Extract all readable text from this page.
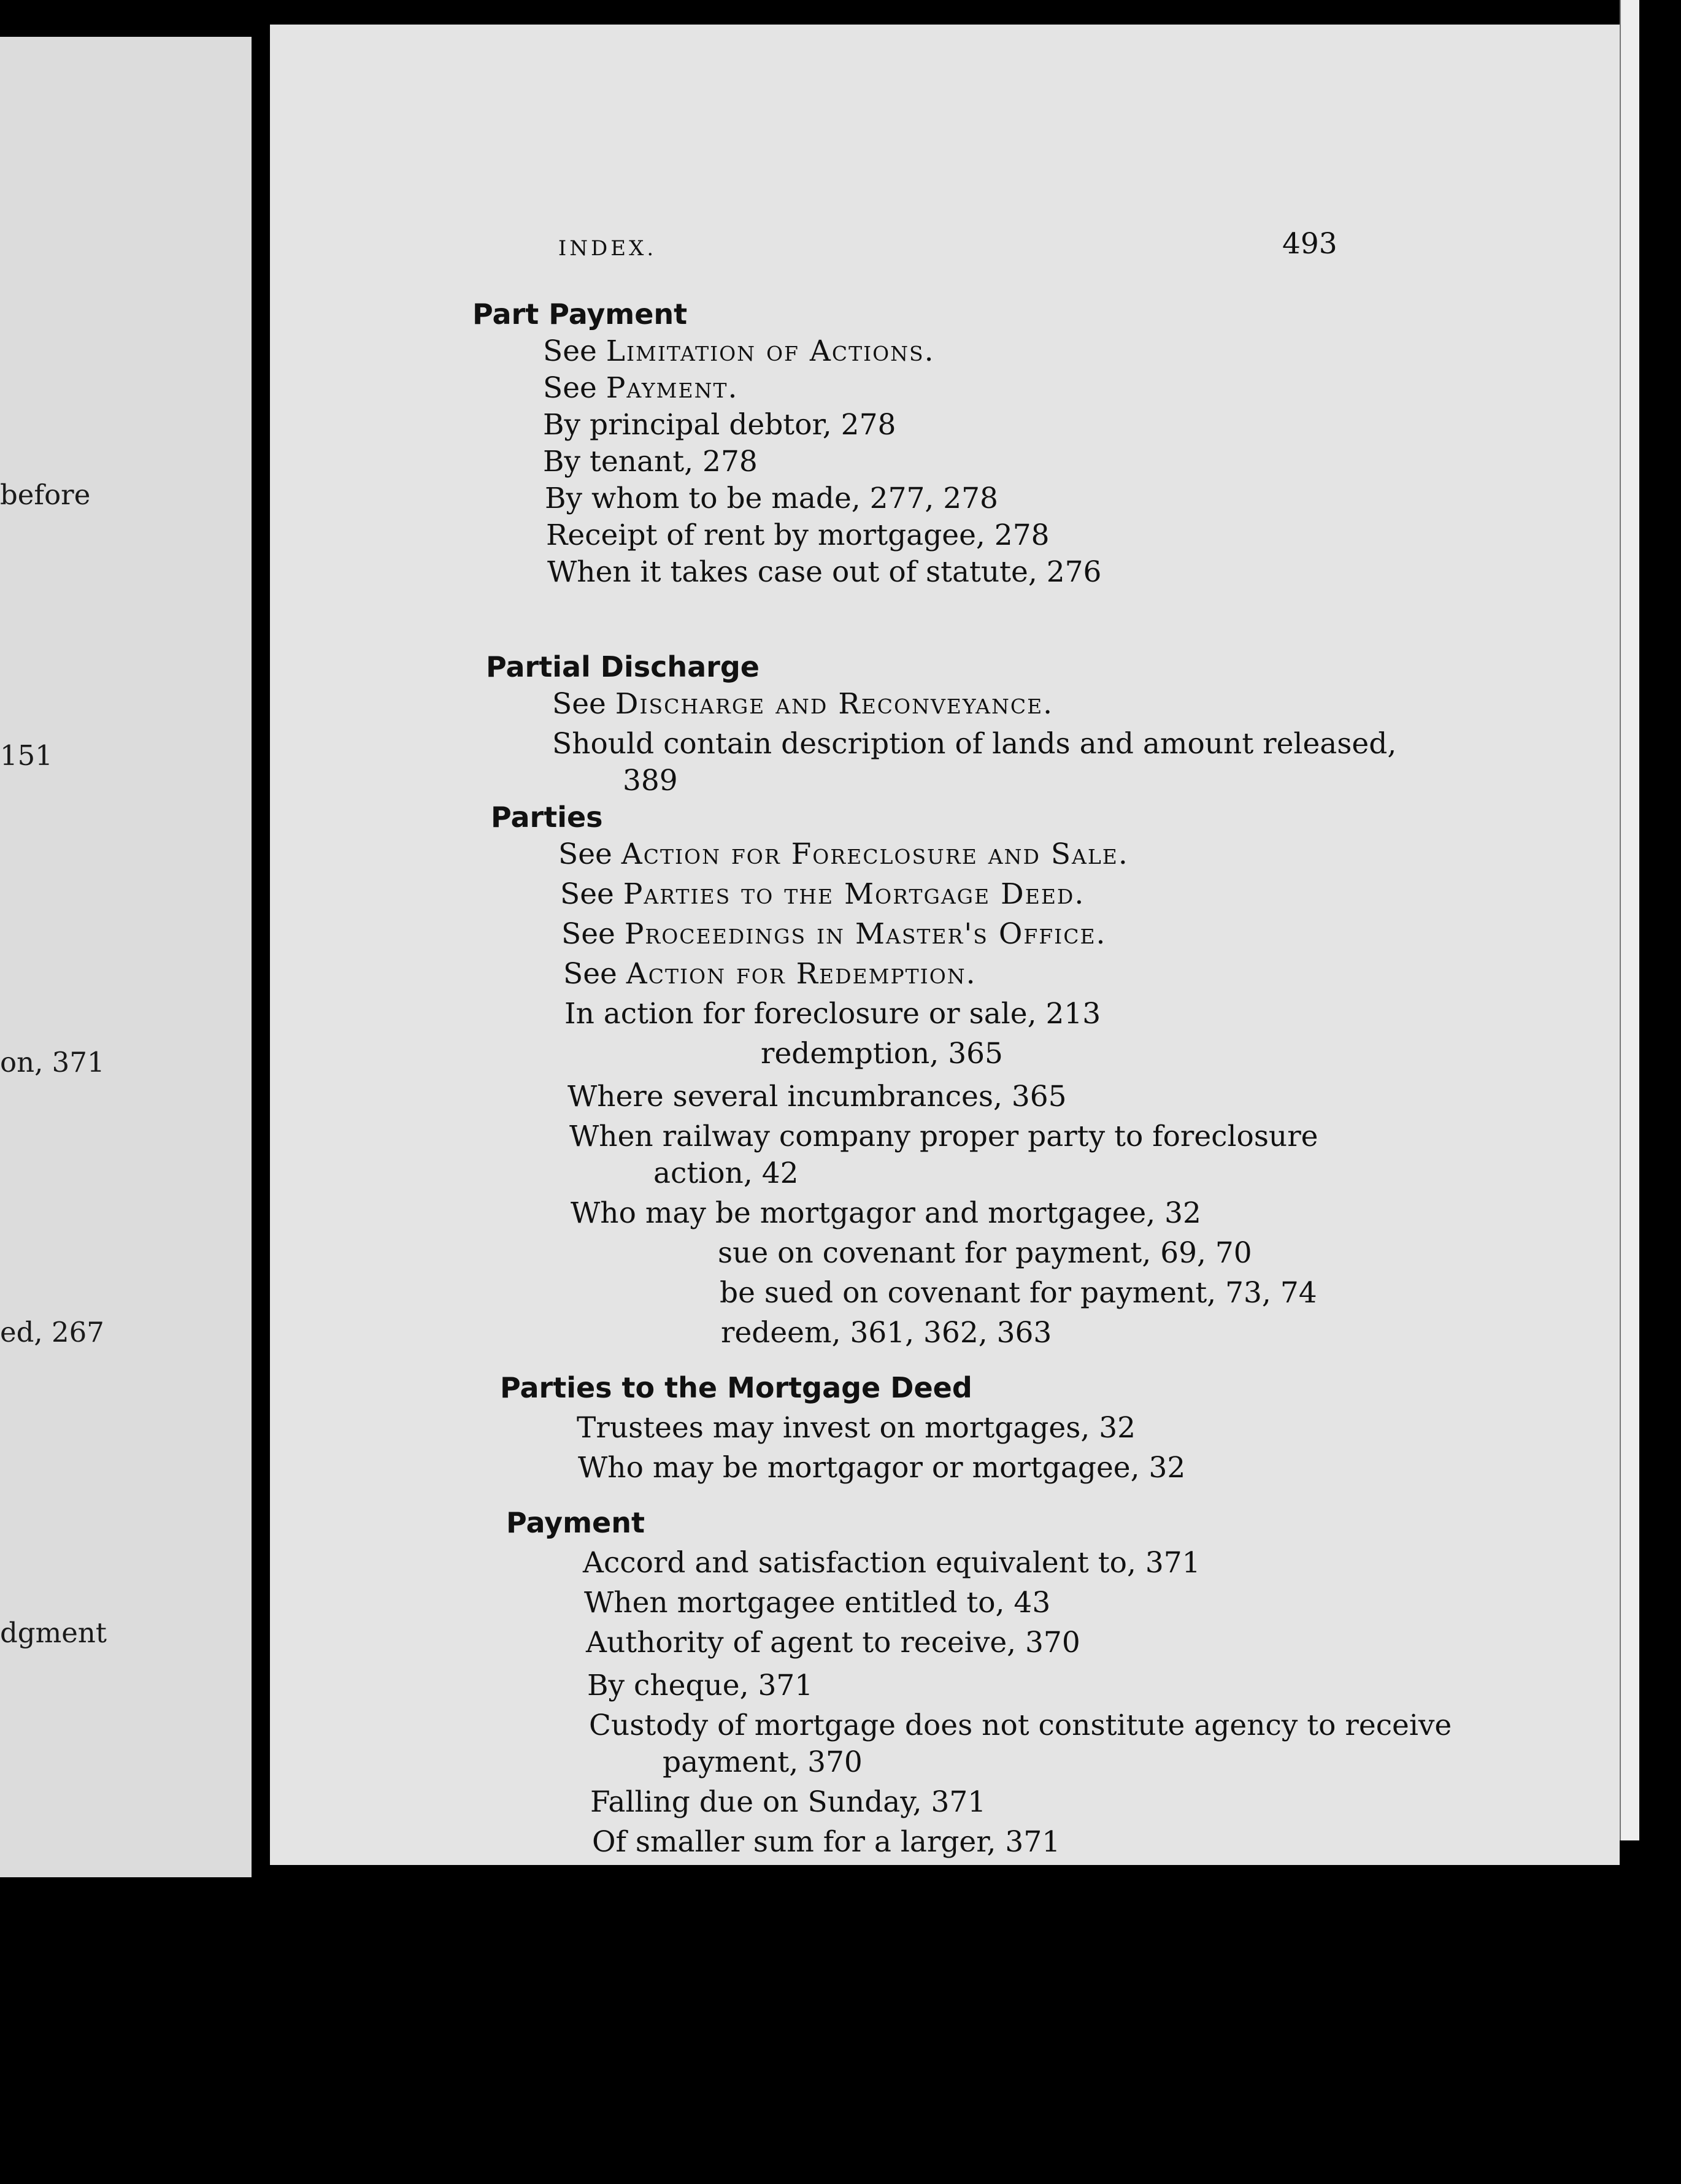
before
151
on, 371
ed, 267
dgment
INDEX.	493
Part Payment
See Limitation of Actions.
See Payment.
By principal debtor, 278
By tenant, 278
By whom to be made, 277, 278
Receipt of rent by mortgagee, 278
When it takes case out of statute, 276
Partial Discharge
See Discharge and Reconveyance.
Should contain description of lands and amount released,
389
Parties
See Action for Foreclosure and Sale.
See Parties to the Mortgage Deed.
See Proceedings in Master's Office.
See Action for Redemption.
In action for foreclosure or sale, 213
redemption, 365
Where several incumbrances, 365
When railway company proper party to foreclosure
action, 42
Who may be mortgagor and mortgagee, 32
sue on covenant for payment, 69, 70
be sued on covenant for payment, 73, 74
redeem, 361, 362, 363
Parties to the Mortgage Deed
Trustees may invest on mortgages, 32
Who may be mortgagor or mortgagee, 32
Payment
Accord and satisfaction equivalent to, 371
When mortgagee entitled to, 43
Authority of agent to receive, 370
By cheque, 371
Custody of mortgage does not constitute agency to receive
payment, 370
Falling due on Sunday, 371
Of smaller sum for a larger, 371
